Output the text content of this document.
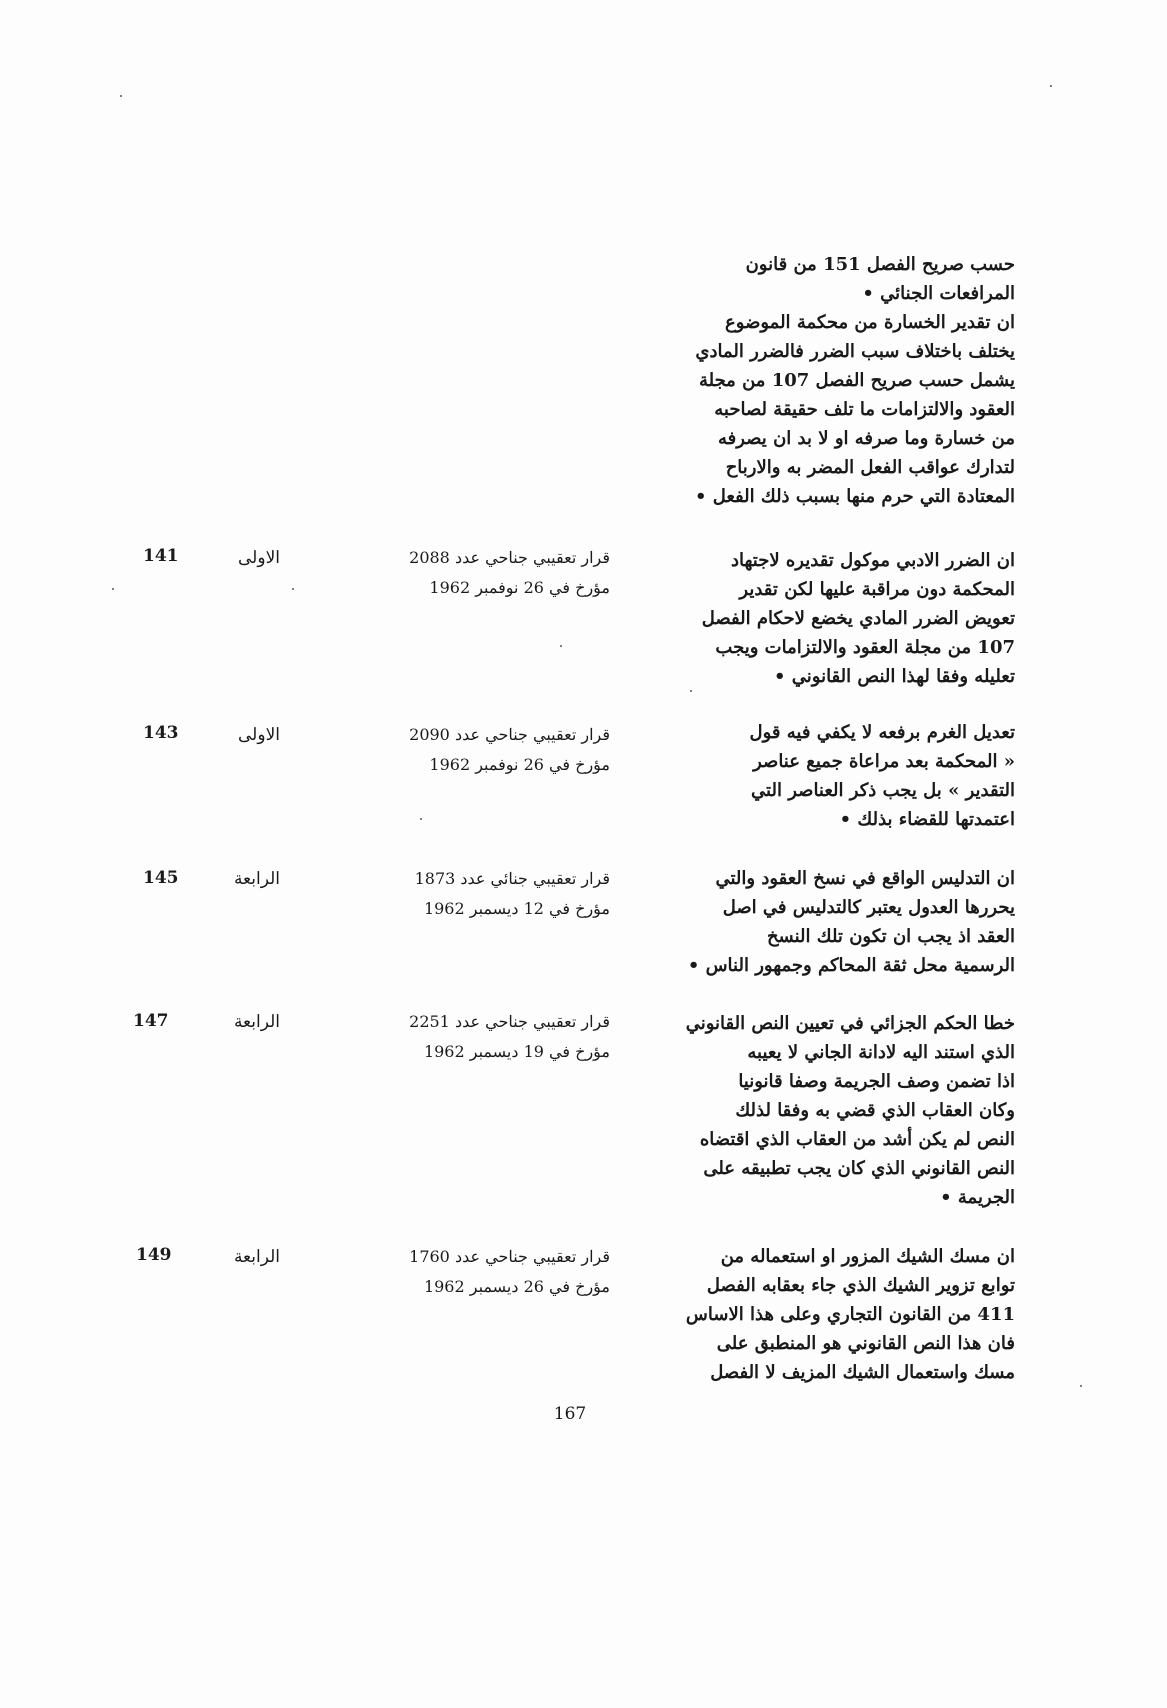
حسب صريح الفصل 151 من قانون
المرافعات الجنائي •
ان تقدير الخسارة من محكمة الموضوع
يختلف باختلاف سبب الضرر فالضرر المادي
يشمل حسب صريح الفصل 107 من مجلة
العقود والالتزامات ما تلف حقيقة لصاحبه
من خسارة وما صرفه او لا بد ان يصرفه
لتدارك عواقب الفعل المضر به والارباح
المعتادة التي حرم منها بسبب ذلك الفعل •
ان الضرر الادبي موكول تقديره لاجتهاد
المحكمة دون مراقبة عليها لكن تقدير
تعويض الضرر المادي يخضع لاحكام الفصل
107 من مجلة العقود والالتزامات ويجب
تعليله وفقا لهذا النص القانوني •
قرار تعقيبي جناحي عدد 2088
مؤرخ في 26 نوفمبر 1962
الاولى
141
تعديل الغرم برفعه لا يكفي فيه قول
« المحكمة بعد مراعاة جميع عناصر
التقدير » بل يجب ذكر العناصر التي
اعتمدتها للقضاء بذلك •
قرار تعقيبي جناحي عدد 2090
مؤرخ في 26 نوفمبر 1962
الاولى
143
ان التدليس الواقع في نسخ العقود والتي
يحررها العدول يعتبر كالتدليس في اصل
العقد اذ يجب ان تكون تلك النسخ
الرسمية محل ثقة المحاكم وجمهور الناس •
قرار تعقيبي جنائي عدد 1873
مؤرخ في 12 ديسمبر 1962
الرابعة
145
خطا الحكم الجزائي في تعيين النص القانوني
الذي استند اليه لادانة الجاني لا يعيبه
اذا تضمن وصف الجريمة وصفا قانونيا
وكان العقاب الذي قضي به وفقا لذلك
النص لم يكن أشد من العقاب الذي اقتضاه
النص القانوني الذي كان يجب تطبيقه على
الجريمة •
قرار تعقيبي جناحي عدد 2251
مؤرخ في 19 ديسمبر 1962
الرابعة
147
ان مسك الشيك المزور او استعماله من
توابع تزوير الشيك الذي جاء بعقابه الفصل
411 من القانون التجاري وعلى هذا الاساس
فان هذا النص القانوني هو المنطبق على
مسك واستعمال الشيك المزيف لا الفصل
قرار تعقيبي جناحي عدد 1760
مؤرخ في 26 ديسمبر 1962
الرابعة
149
167
